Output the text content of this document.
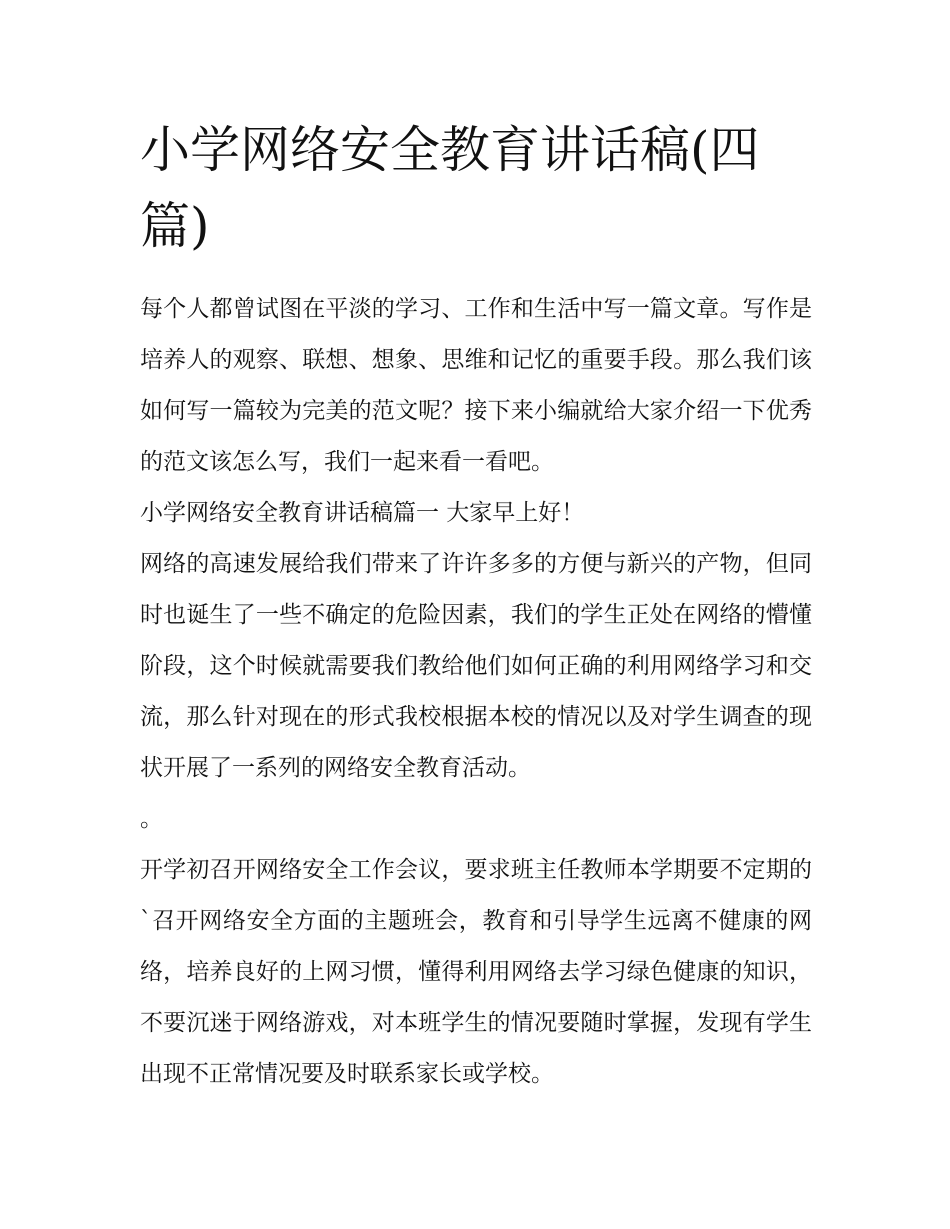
小学网络安全教育讲话稿(四篇)

每个人都曾试图在平淡的学习、工作和生活中写一篇文章。写作是培养人的观察、联想、想象、思维和记忆的重要手段。那么我们该如何写一篇较为完美的范文呢？接下来小编就给大家介绍一下优秀的范文该怎么写，我们一起来看一看吧。

小学网络安全教育讲话稿篇一 大家早上好！

网络的高速发展给我们带来了许许多多的方便与新兴的产物，但同时也诞生了一些不确定的危险因素，我们的学生正处在网络的懵懂阶段，这个时候就需要我们教给他们如何正确的利用网络学习和交流，那么针对现在的形式我校根据本校的情况以及对学生调查的现状开展了一系列的网络安全教育活动。

。

开学初召开网络安全工作会议，要求班主任教师本学期要不定期的`召开网络安全方面的主题班会，教育和引导学生远离不健康的网络，培养良好的上网习惯，懂得利用网络去学习绿色健康的知识，不要沉迷于网络游戏，对本班学生的情况要随时掌握，发现有学生出现不正常情况要及时联系家长或学校。
